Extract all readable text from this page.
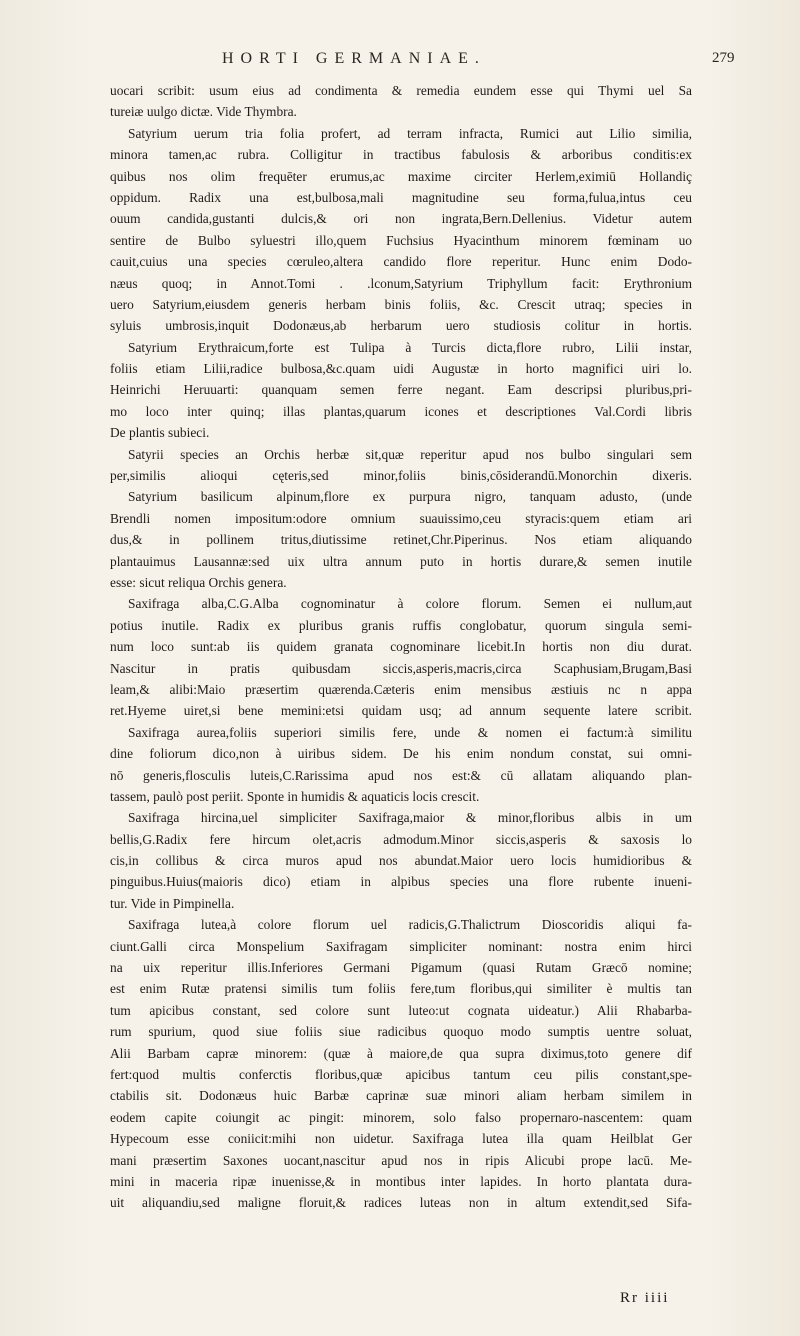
HORTI GERMANIAE.	279
uocari scribit: usum eius ad condimenta & remedia eundem esse qui Thymi uel Sa
tureiæ uulgo dictæ. Vide Thymbra.
Satyrium uerum tria folia profert, ad terram infracta, Rumici aut Lilio similia,
minora tamen,ac rubra. Colligitur in tractibus fabulosis & arboribus conditis:ex
quibus nos olim frequēter erumus,ac maxime circiter Herlem,eximiū Hollandiç
oppidum. Radix una est,bulbosa,mali magnitudine seu forma,fulua,intus ceu
ouum candida,gustanti dulcis,& ori non ingrata,Bern.Dellenius. Videtur autem
sentire de Bulbo syluestri illo,quem Fuchsius Hyacinthum minorem fœminam uo
cauit,cuius una species cœruleo,altera candido flore reperitur. Hunc enim Dodo-
næus quoq; in Annot.Tomi . .lconum,Satyrium Triphyllum facit: Erythronium
uero Satyrium,eiusdem generis herbam binis foliis, &c. Crescit utraq; species in
syluis umbrosis,inquit Dodonæus,ab herbarum uero studiosis colitur in hortis.
Satyrium Erythraicum,forte est Tulipa à Turcis dicta,flore rubro, Lilii instar,
foliis etiam Lilii,radice bulbosa,&c.quam uidi Augustæ in horto magnifici uiri lo.
Heinrichi Heruuarti: quanquam semen ferre negant. Eam descripsi pluribus,pri-
mo loco inter quinq; illas plantas,quarum icones et descriptiones Val.Cordi libris
De plantis subieci.
Satyrii species an Orchis herbæ sit,quæ reperitur apud nos bulbo singulari sem
per,similis alioqui cęteris,sed minor,foliis binis,cōsiderandū.Monorchin dixeris.
Satyrium basilicum alpinum,flore ex purpura nigro, tanquam adusto, (unde
Brendli nomen impositum:odore omnium suauissimo,ceu styracis:quem etiam ari
dus,& in pollinem tritus,diutissime retinet,Chr.Piperinus. Nos etiam aliquando
plantauimus Lausannæ:sed uix ultra annum puto in hortis durare,& semen inutile
esse: sicut reliqua Orchis genera.
Saxifraga alba,C.G.Alba cognominatur à colore florum. Semen ei nullum,aut
potius inutile. Radix ex pluribus granis ruffis conglobatur, quorum singula semi-
num loco sunt:ab iis quidem granata cognominare licebit.In hortis non diu durat.
Nascitur in pratis quibusdam siccis,asperis,macris,circa Scaphusiam,Brugam,Basi
leam,& alibi:Maio præsertim quærenda.Cæteris enim mensibus æstiuis nc n appa
ret.Hyeme uiret,si bene memini:etsi quidam usq; ad annum sequente latere scribit.
Saxifraga aurea,foliis superiori similis fere, unde & nomen ei factum:à similitu
dine foliorum dico,non à uiribus sidem. De his enim nondum constat, sui omni-
nō generis,flosculis luteis,C.Rarissima apud nos est:& cū allatam aliquando plan-
tassem, paulò post periit. Sponte in humidis & aquaticis locis crescit.
Saxifraga hircina,uel simpliciter Saxifraga,maior & minor,floribus albis in um
bellis,G.Radix fere hircum olet,acris admodum.Minor siccis,asperis & saxosis lo
cis,in collibus & circa muros apud nos abundat.Maior uero locis humidioribus &
pinguibus.Huius(maioris dico) etiam in alpibus species una flore rubente inueni-
tur. Vide in Pimpinella.
Saxifraga lutea,à colore florum uel radicis,G.Thalictrum Dioscoridis aliqui fa-
ciunt.Galli circa Monspelium Saxifragam simpliciter nominant: nostra enim hirci
na uix reperitur illis.Inferiores Germani Pigamum (quasi Rutam Græcō nomine;
est enim Rutæ pratensi similis tum foliis fere,tum floribus,qui similiter è multis tan
tum apicibus constant, sed colore sunt luteo:ut cognata uideatur.) Alii Rhabarba-
rum spurium, quod siue foliis siue radicibus quoquo modo sumptis uentre soluat,
Alii Barbam capræ minorem: (quæ à maiore,de qua supra diximus,toto genere dif
fert:quod multis conferctis floribus,quæ apicibus tantum ceu pilis constant,spe-
ctabilis sit. Dodonæus huic Barbæ caprinæ suæ minori aliam herbam similem in
eodem capite coiungit ac pingit: minorem, solo falso propernaro-nascentem: quam
Hypecoum esse coniicit:mihi non uidetur. Saxifraga lutea illa quam Heilblat Ger
mani præsertim Saxones uocant,nascitur apud nos in ripis Alicubi prope lacū. Me-
mini in maceria ripæ inuenisse,& in montibus inter lapides. In horto plantata dura-
uit aliquandiu,sed maligne floruit,& radices luteas non in altum extendit,sed Sifa-
Rr iiii
